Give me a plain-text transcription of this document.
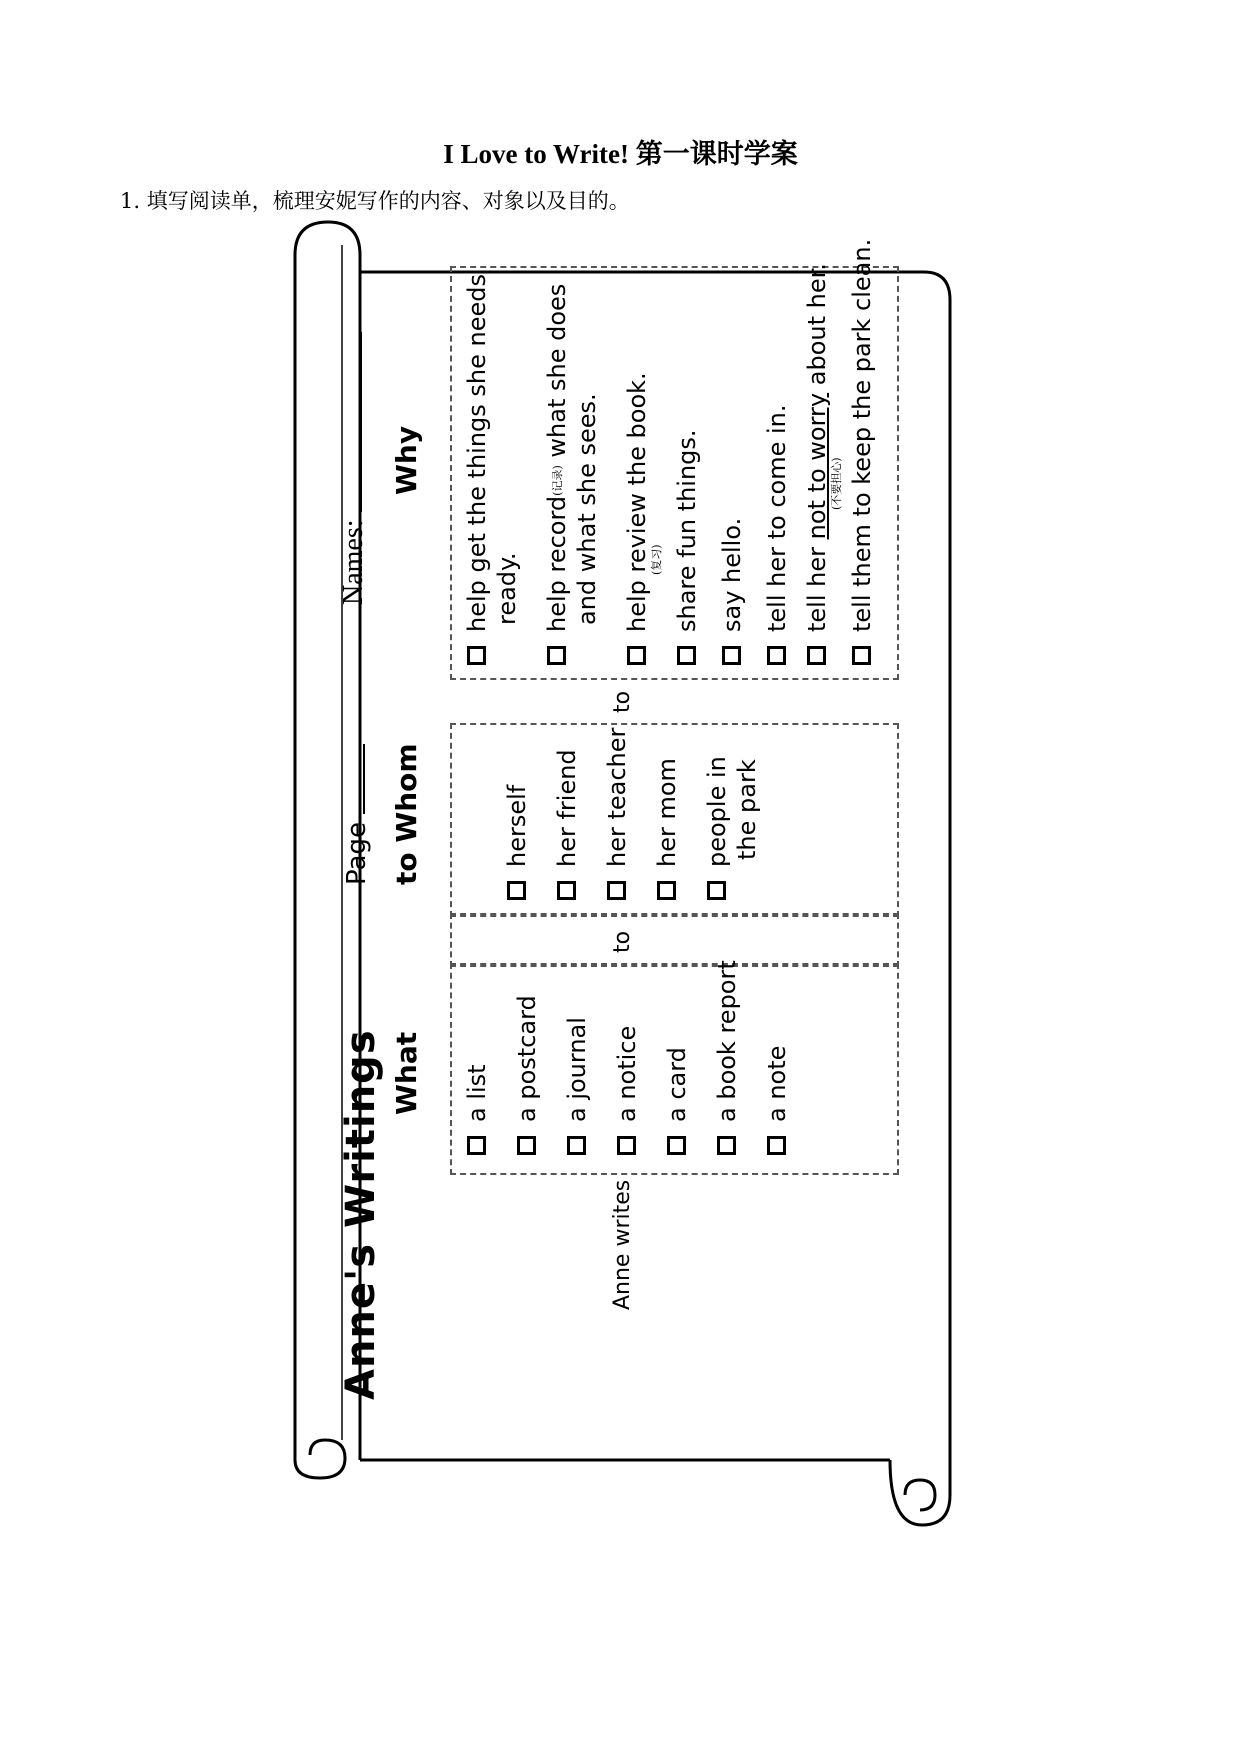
I Love to Write! 第一课时学案
1. 填写阅读单，梳理安妮写作的内容、对象以及目的。
Anne's Writings
Page
Names:
What
to Whom
Why
Anne writes
to
to
a list a postcard a journal a notice a card a book report a note
herself her friend her teacher her mom people in the park
help get the things she needs ready. help record(记录) what she does
and what she sees. help review the book.
(复习) share fun things. say hello. tell her to come in. tell her not to worry about her.
(不要担心) tell them to keep the park clean.
